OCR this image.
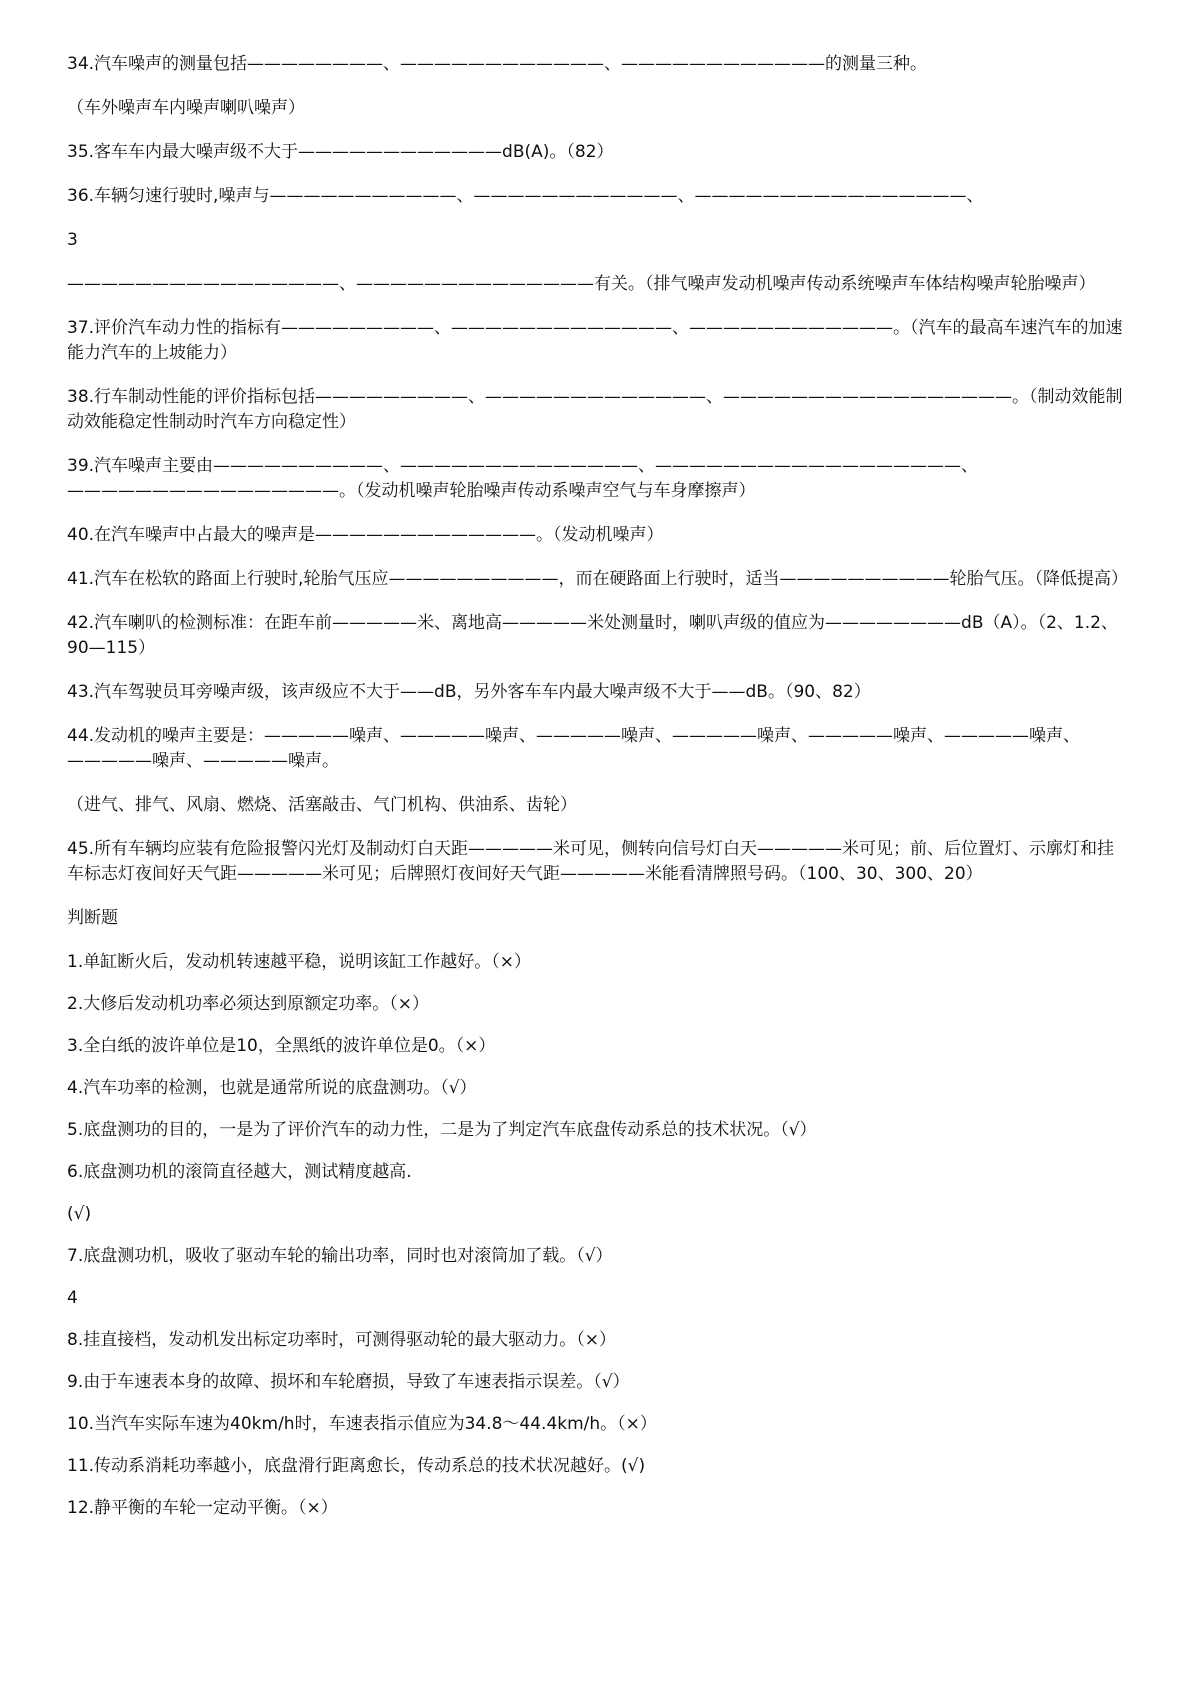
34.汽车噪声的测量包括————————、————————————、————————————的测量三种。

（车外噪声车内噪声喇叭噪声）

35.客车车内最大噪声级不大于————————————dB(A)。（82）

36.车辆匀速行驶时,噪声与———————————、————————————、————————————————、

3

————————————————、——————————————有关。（排气噪声发动机噪声传动系统噪声车体结构噪声轮胎噪声）

37.评价汽车动力性的指标有—————————、—————————————、————————————。（汽车的最高车速汽车的加速能力汽车的上坡能力）

38.行车制动性能的评价指标包括—————————、—————————————、—————————————————。（制动效能制动效能稳定性制动时汽车方向稳定性）

39.汽车噪声主要由——————————、——————————————、——————————————————、————————————————。（发动机噪声轮胎噪声传动系噪声空气与车身摩擦声）

40.在汽车噪声中占最大的噪声是—————————————。（发动机噪声）

41.汽车在松软的路面上行驶时,轮胎气压应——————————，而在硬路面上行驶时，适当——————————轮胎气压。（降低提高）

42.汽车喇叭的检测标准：在距车前—————米、离地高—————米处测量时，喇叭声级的值应为————————dB（A）。（2、1.2、90—115）

43.汽车驾驶员耳旁噪声级，该声级应不大于——dB，另外客车车内最大噪声级不大于——dB。（90、82）

44.发动机的噪声主要是：—————噪声、—————噪声、—————噪声、—————噪声、—————噪声、—————噪声、—————噪声、—————噪声。

（进气、排气、风扇、燃烧、活塞敲击、气门机构、供油系、齿轮）

45.所有车辆均应装有危险报警闪光灯及制动灯白天距—————米可见，侧转向信号灯白天—————米可见；前、后位置灯、示廓灯和挂车标志灯夜间好天气距—————米可见；后牌照灯夜间好天气距—————米能看清牌照号码。（100、30、300、20）

判断题

1.单缸断火后，发动机转速越平稳，说明该缸工作越好。（×）

2.大修后发动机功率必须达到原额定功率。（×）

3.全白纸的波许单位是10，全黑纸的波许单位是0。（×）

4.汽车功率的检测，也就是通常所说的底盘测功。（√）

5.底盘测功的目的，一是为了评价汽车的动力性，二是为了判定汽车底盘传动系总的技术状况。（√）

6.底盘测功机的滚筒直径越大，测试精度越高.

(√)

7.底盘测功机，吸收了驱动车轮的输出功率，同时也对滚筒加了载。（√）

4

8.挂直接档，发动机发出标定功率时，可测得驱动轮的最大驱动力。（×）

9.由于车速表本身的故障、损坏和车轮磨损，导致了车速表指示误差。（√）

10.当汽车实际车速为40km/h时，车速表指示值应为34.8～44.4km/h。（×）

11.传动系消耗功率越小，底盘滑行距离愈长，传动系总的技术状况越好。(√)

12.静平衡的车轮一定动平衡。（×）
